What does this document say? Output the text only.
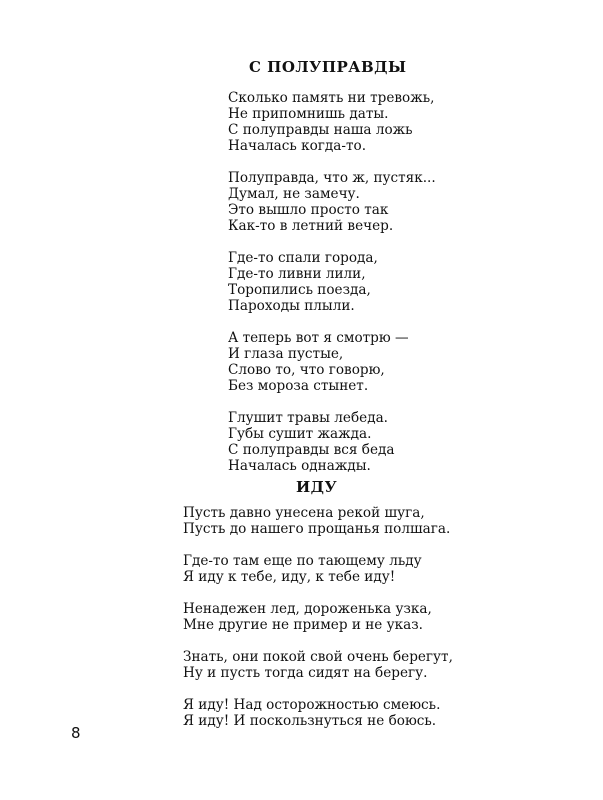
С ПОЛУПРАВДЫ
Сколько память ни тревожь,
Не припомнишь даты.
С полуправды наша ложь
Началась когда-то.
Полуправда, что ж, пустяк...
Думал, не замечу.
Это вышло просто так
Как-то в летний вечер.
Где-то спали города,
Где-то ливни лили,
Торопились поезда,
Пароходы плыли.
А теперь вот я смотрю —
И глаза пустые,
Слово то, что говорю,
Без мороза стынет.
Глушит травы лебеда.
Губы сушит жажда.
С полуправды вся беда
Началась однажды.
ИДУ
Пусть давно унесена рекой шуга,
Пусть до нашего прощанья полшага.
Где-то там еще по тающему льду
Я иду к тебе, иду, к тебе иду!
Ненадежен лед, дороженька узка,
Мне другие не пример и не указ.
Знать, они покой свой очень берегут,
Ну и пусть тогда сидят на берегу.
Я иду! Над осторожностью смеюсь.
Я иду! И поскользнуться не боюсь.
8
